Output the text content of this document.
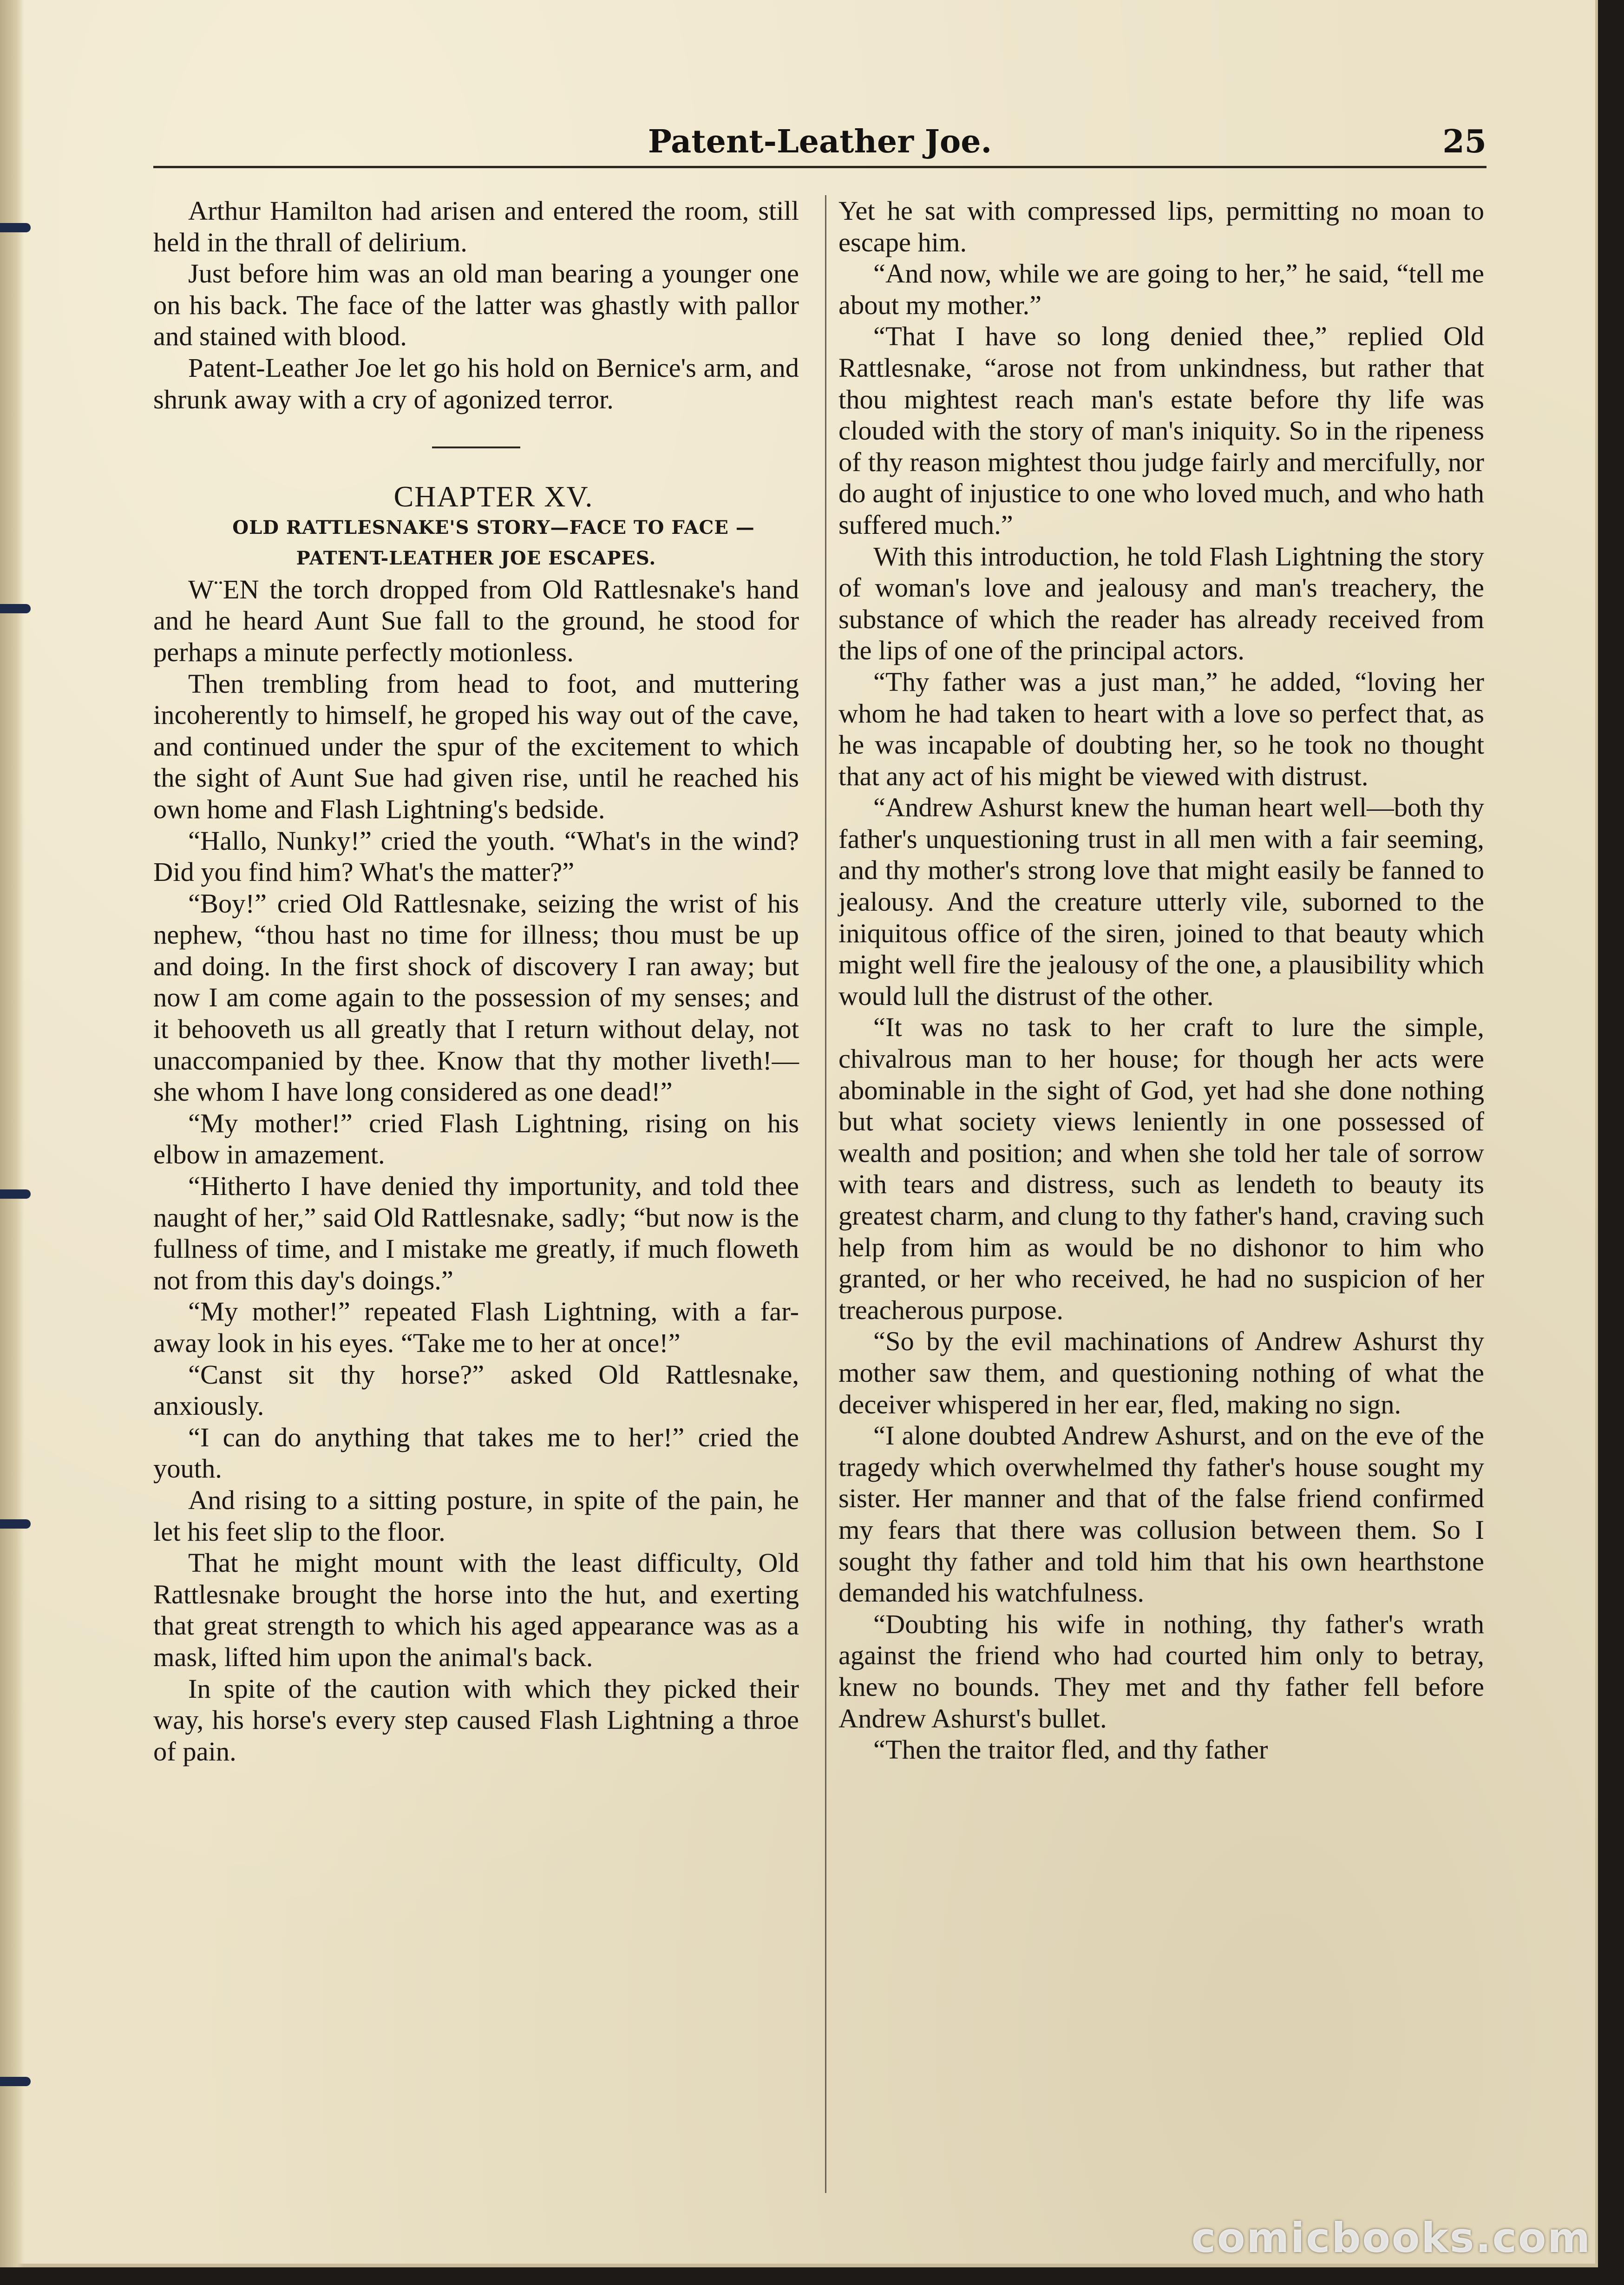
Patent-Leather Joe.	25

Arthur Hamilton had arisen and entered the room, still held in the thrall of delirium.

Just before him was an old man bearing a younger one on his back. The face of the latter was ghastly with pallor and stained with blood.

Patent-Leather Joe let go his hold on Bernice's arm, and shrunk away with a cry of agonized terror.

CHAPTER XV.

OLD RATTLESNAKE'S STORY—FACE TO FACE —PATENT-LEATHER JOE ESCAPES.

W¨EN the torch dropped from Old Rattlesnake's hand and he heard Aunt Sue fall to the ground, he stood for perhaps a minute perfectly motionless.

Then trembling from head to foot, and muttering incoherently to himself, he groped his way out of the cave, and continued under the spur of the excitement to which the sight of Aunt Sue had given rise, until he reached his own home and Flash Lightning's bedside.

“Hallo, Nunky!” cried the youth. “What's in the wind? Did you find him? What's the matter?”

“Boy!” cried Old Rattlesnake, seizing the wrist of his nephew, “thou hast no time for illness; thou must be up and doing. In the first shock of discovery I ran away; but now I am come again to the possession of my senses; and it behooveth us all greatly that I return without delay, not unaccompanied by thee. Know that thy mother liveth!—she whom I have long considered as one dead!”

“My mother!” cried Flash Lightning, rising on his elbow in amazement.

“Hitherto I have denied thy importunity, and told thee naught of her,” said Old Rattlesnake, sadly; “but now is the fullness of time, and I mistake me greatly, if much floweth not from this day's doings.”

“My mother!” repeated Flash Lightning, with a far-away look in his eyes. “Take me to her at once!”

“Canst sit thy horse?” asked Old Rattlesnake, anxiously.

“I can do anything that takes me to her!” cried the youth.

And rising to a sitting posture, in spite of the pain, he let his feet slip to the floor.

That he might mount with the least difficulty, Old Rattlesnake brought the horse into the hut, and exerting that great strength to which his aged appearance was as a mask, lifted him upon the animal's back.

In spite of the caution with which they picked their way, his horse's every step caused Flash Lightning a throe of pain.

Yet he sat with compressed lips, permitting no moan to escape him.

“And now, while we are going to her,” he said, “tell me about my mother.”

“That I have so long denied thee,” replied Old Rattlesnake, “arose not from unkindness, but rather that thou mightest reach man's estate before thy life was clouded with the story of man's iniquity. So in the ripeness of thy reason mightest thou judge fairly and mercifully, nor do aught of injustice to one who loved much, and who hath suffered much.”

With this introduction, he told Flash Lightning the story of woman's love and jealousy and man's treachery, the substance of which the reader has already received from the lips of one of the principal actors.

“Thy father was a just man,” he added, “loving her whom he had taken to heart with a love so perfect that, as he was incapable of doubting her, so he took no thought that any act of his might be viewed with distrust.

“Andrew Ashurst knew the human heart well—both thy father's unquestioning trust in all men with a fair seeming, and thy mother's strong love that might easily be fanned to jealousy. And the creature utterly vile, suborned to the iniquitous office of the siren, joined to that beauty which might well fire the jealousy of the one, a plausibility which would lull the distrust of the other.

“It was no task to her craft to lure the simple, chivalrous man to her house; for though her acts were abominable in the sight of God, yet had she done nothing but what society views leniently in one possessed of wealth and position; and when she told her tale of sorrow with tears and distress, such as lendeth to beauty its greatest charm, and clung to thy father's hand, craving such help from him as would be no dishonor to him who granted, or her who received, he had no suspicion of her treacherous purpose.

“So by the evil machinations of Andrew Ashurst thy mother saw them, and questioning nothing of what the deceiver whispered in her ear, fled, making no sign.

“I alone doubted Andrew Ashurst, and on the eve of the tragedy which overwhelmed thy father's house sought my sister. Her manner and that of the false friend confirmed my fears that there was collusion between them. So I sought thy father and told him that his own hearthstone demanded his watchfulness.

“Doubting his wife in nothing, thy father's wrath against the friend who had courted him only to betray, knew no bounds. They met and thy father fell before Andrew Ashurst's bullet.

“Then the traitor fled, and thy father

comicbooks.com
